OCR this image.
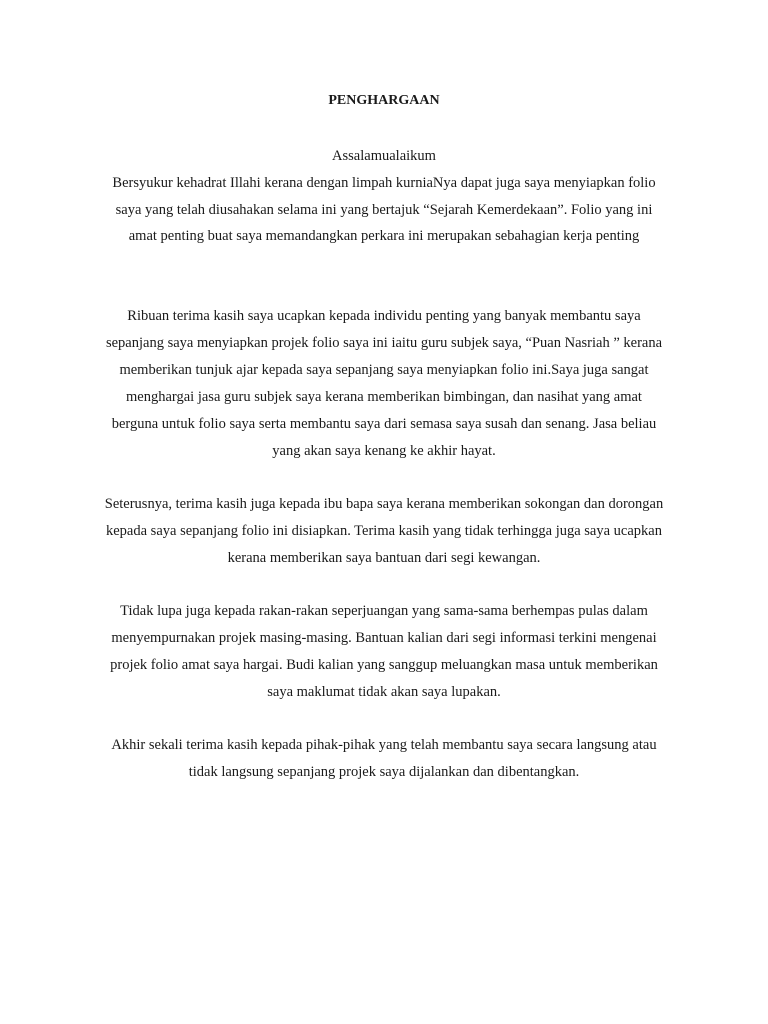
PENGHARGAAN
Assalamualaikum
Bersyukur kehadrat Illahi kerana dengan limpah kurniaNya dapat juga saya menyiapkan folio
saya yang telah diusahakan selama ini yang bertajuk “Sejarah Kemerdekaan”. Folio yang ini
amat penting buat saya memandangkan perkara ini merupakan sebahagian kerja penting
Ribuan terima kasih saya ucapkan kepada individu penting yang banyak membantu saya
sepanjang saya menyiapkan projek folio saya ini iaitu guru subjek saya, “Puan Nasriah ” kerana
memberikan tunjuk ajar kepada saya sepanjang saya menyiapkan folio ini.Saya juga sangat
menghargai jasa guru subjek saya kerana memberikan bimbingan, dan nasihat yang amat
berguna untuk folio saya serta membantu saya dari semasa saya susah dan senang. Jasa beliau
yang akan saya kenang ke akhir hayat.
Seterusnya, terima kasih juga kepada ibu bapa saya kerana memberikan sokongan dan dorongan
kepada saya sepanjang folio ini disiapkan. Terima kasih yang tidak terhingga juga saya ucapkan
kerana memberikan saya bantuan dari segi kewangan.
Tidak lupa juga kepada rakan-rakan seperjuangan yang sama-sama berhempas pulas dalam
menyempurnakan projek masing-masing. Bantuan kalian dari segi informasi terkini mengenai
projek folio amat saya hargai. Budi kalian yang sanggup meluangkan masa untuk memberikan
saya maklumat tidak akan saya lupakan.
Akhir sekali terima kasih kepada pihak-pihak yang telah membantu saya secara langsung atau
tidak langsung sepanjang projek saya dijalankan dan dibentangkan.
